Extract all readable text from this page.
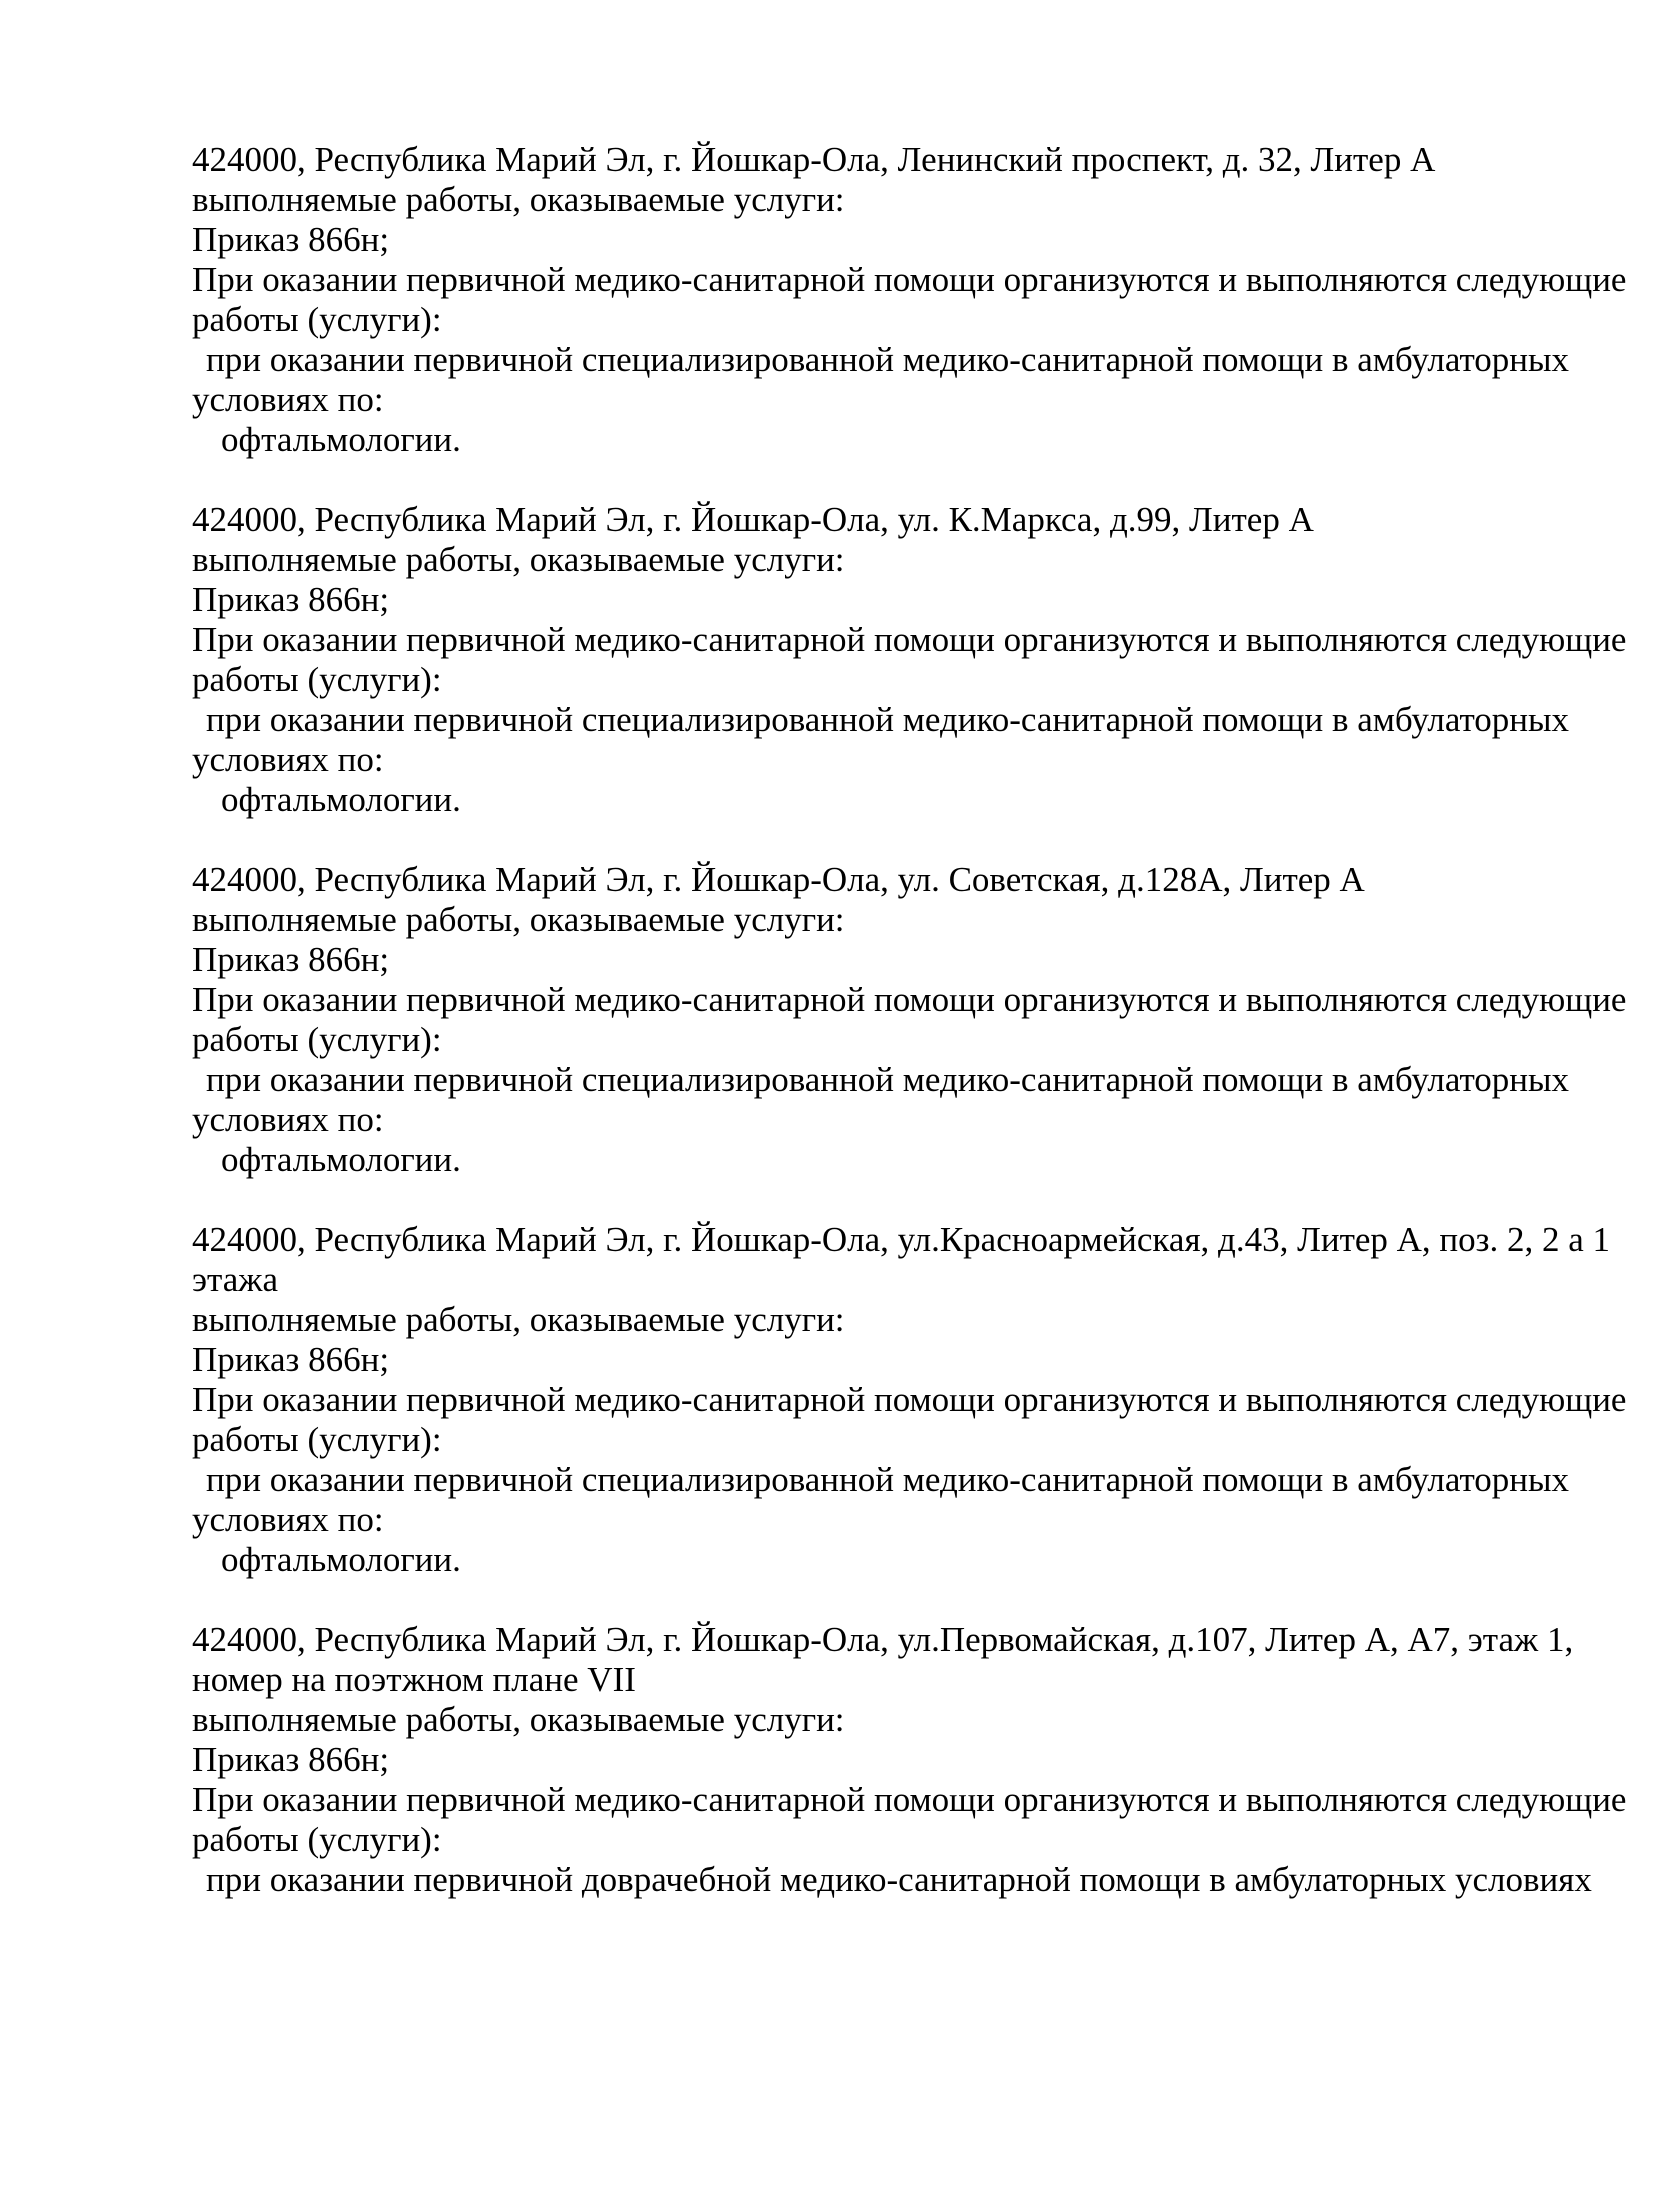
424000, Республика Марий Эл, г. Йошкар-Ола, Ленинский проспект, д. 32, Литер А
выполняемые работы, оказываемые услуги:
Приказ 866н;
При оказании первичной медико-санитарной помощи организуются и выполняются следующие
работы (услуги):
при оказании первичной специализированной медико-санитарной помощи в амбулаторных
условиях по:
офтальмологии.
424000, Республика Марий Эл, г. Йошкар-Ола, ул. К.Маркса, д.99, Литер А
выполняемые работы, оказываемые услуги:
Приказ 866н;
При оказании первичной медико-санитарной помощи организуются и выполняются следующие
работы (услуги):
при оказании первичной специализированной медико-санитарной помощи в амбулаторных
условиях по:
офтальмологии.
424000, Республика Марий Эл, г. Йошкар-Ола, ул. Советская, д.128А, Литер А
выполняемые работы, оказываемые услуги:
Приказ 866н;
При оказании первичной медико-санитарной помощи организуются и выполняются следующие
работы (услуги):
при оказании первичной специализированной медико-санитарной помощи в амбулаторных
условиях по:
офтальмологии.
424000, Республика Марий Эл, г. Йошкар-Ола, ул.Красноармейская, д.43, Литер А, поз. 2, 2 а 1
этажа
выполняемые работы, оказываемые услуги:
Приказ 866н;
При оказании первичной медико-санитарной помощи организуются и выполняются следующие
работы (услуги):
при оказании первичной специализированной медико-санитарной помощи в амбулаторных
условиях по:
офтальмологии.
424000, Республика Марий Эл, г. Йошкар-Ола, ул.Первомайская, д.107, Литер А, А7, этаж 1,
номер на поэтжном плане VII
выполняемые работы, оказываемые услуги:
Приказ 866н;
При оказании первичной медико-санитарной помощи организуются и выполняются следующие
работы (услуги):
при оказании первичной доврачебной медико-санитарной помощи в амбулаторных условиях
